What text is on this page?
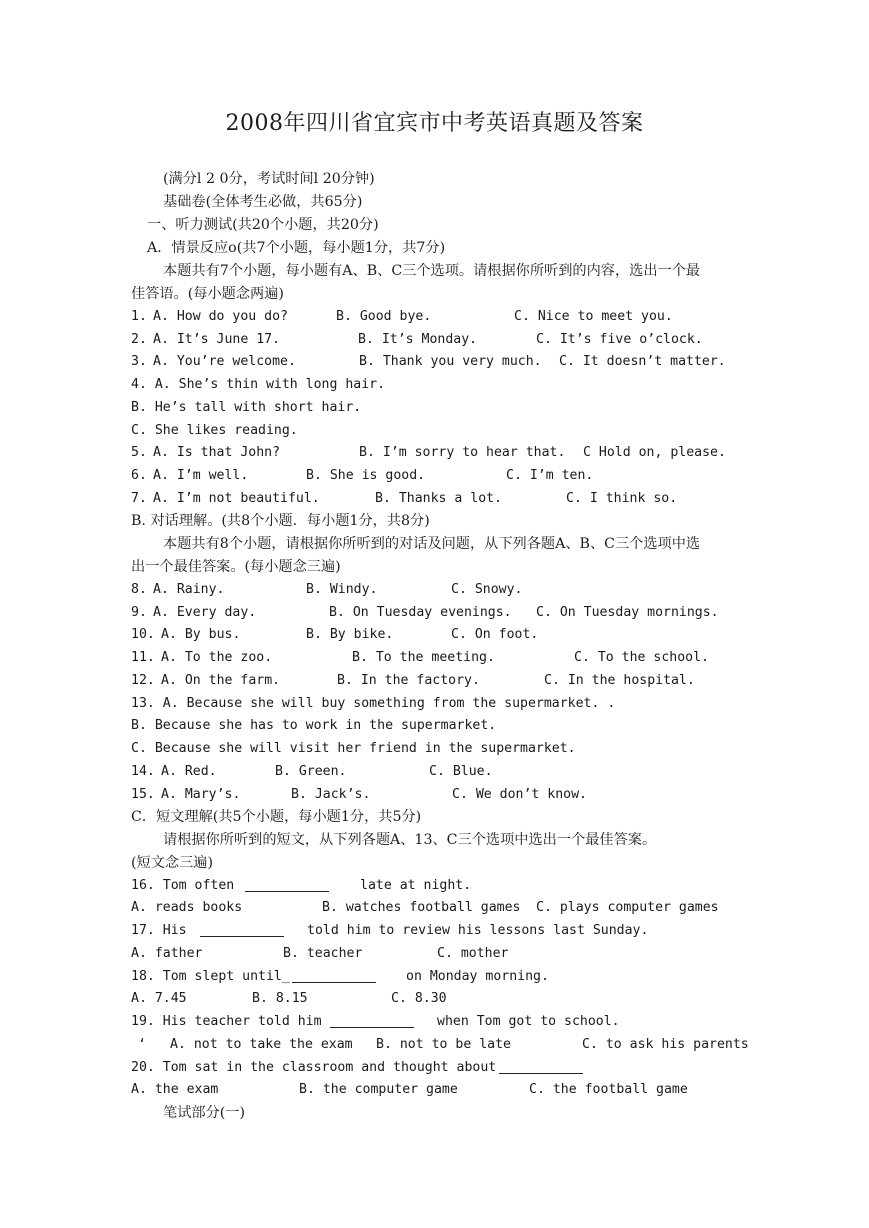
2008年四川省宜宾市中考英语真题及答案
(满分l 2 0分，考试时间l 20分钟)
基础卷(全体考生必做，共65分)
一、听力测试(共20个小题，共20分)
A．情景反应o(共7个小题，每小题1分，共7分)
本题共有7个小题，每小题有A、B、C三个选项。请根据你所听到的内容，选出一个最
佳答语。(每小题念两遍)
1. A. How do you do?	B. Good bye.	C. Nice to meet you.
2. A. It’s June 17.	B. It’s Monday.	C. It’s five o’clock.
3. A. You’re welcome.	B. Thank you very much. C. It doesn’t matter.
4. A. She’s thin with long hair.
B. He’s tall with short hair.
C. She likes reading.
5. A. Is that John?	B. I’m sorry to hear that. C Hold on, please.
6. A. I’m well.	B. She is good.	C. I’m ten.
7. A. I’m not beautiful.	B. Thanks a lot.	C. I think so.
B. 对话理解。(共8个小题．每小题1分，共8分)
本题共有8个小题，请根据你所听到的对话及问题，从下列各题A、B、C三个选项中选
出一个最佳答案。(每小题念三遍)
8. A. Rainy.	B. Windy.	C. Snowy.
9. A. Every day.	B. On Tuesday evenings. C. On Tuesday mornings.
10. A. By bus.	B. By bike.	C. On foot.
11. A. To the zoo.	B. To the meeting.	C. To the school.
12. A. On the farm.	B. In the factory.	C. In the hospital.
13. A. Because she will buy something from the supermarket. .
B. Because she has to work in the supermarket.
C. Because she will visit her friend in the supermarket.
14. A. Red.	B. Green.	C. Blue.
15. A. Mary’s.	B. Jack’s.	C. We don’t know.
C．短文理解(共5个小题，每小题1分，共5分)
请根据你所听到的短文，从下列各题A、13、C三个选项中选出一个最佳答案。
(短文念三遍)
16. Tom often	late at night.
A. reads books	B. watches football games C. plays computer games
17. His	told him to review his lessons last Sunday.
A. father	B. teacher	C. mother
18. Tom slept until_	on Monday morning.
A. 7.45	B. 8.15	C. 8.30
19. His teacher told him	when Tom got to school.
‘ A. not to take the exam B. not to be late	C. to ask his parents
20. Tom sat in the classroom and thought about
A. the exam	B. the computer game	C. the football game
笔试部分(一)
